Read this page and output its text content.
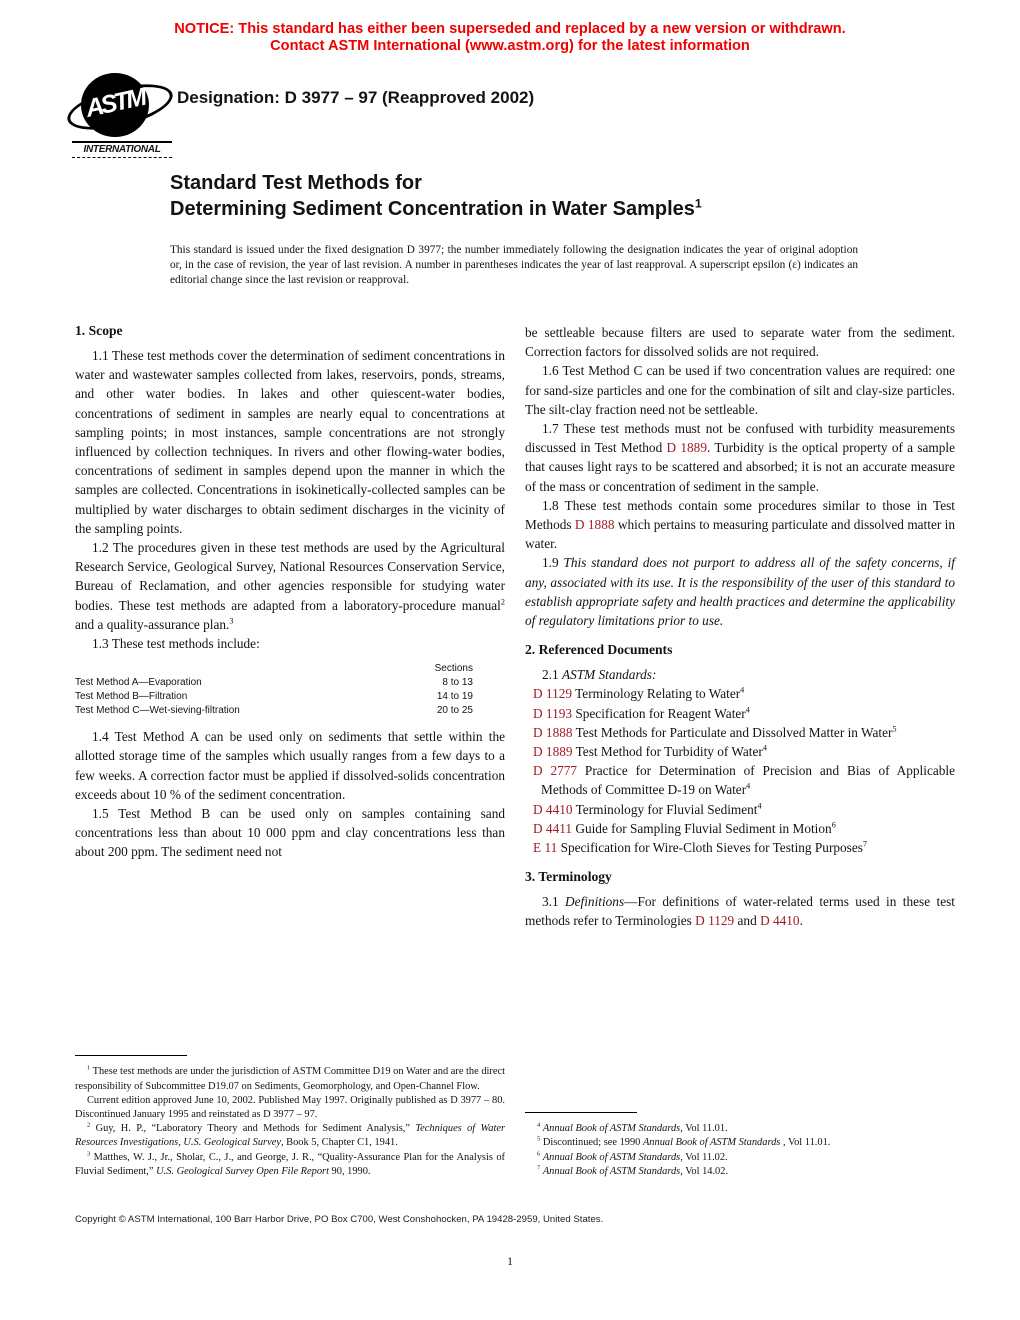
NOTICE: This standard has either been superseded and replaced by a new version or withdrawn.
Contact ASTM International (www.astm.org) for the latest information
ASTM
INTERNATIONAL
Designation: D 3977 – 97 (Reapproved 2002)
Standard Test Methods for
Determining Sediment Concentration in Water Samples$^1$
This standard is issued under the fixed designation D 3977; the number immediately following the designation indicates the year of original adoption or, in the case of revision, the year of last revision. A number in parentheses indicates the year of last reapproval. A superscript epsilon (ε) indicates an editorial change since the last revision or reapproval.
1. Scope

1.1 These test methods cover the determination of sediment concentrations in water and wastewater samples collected from lakes, reservoirs, ponds, streams, and other water bodies. In lakes and other quiescent-water bodies, concentrations of sediment in samples are nearly equal to concentrations at sampling points; in most instances, sample concentrations are not strongly influenced by collection techniques. In rivers and other flowing-water bodies, concentrations of sediment in samples depend upon the manner in which the samples are collected. Concentrations in isokinetically-collected samples can be multiplied by water discharges to obtain sediment discharges in the vicinity of the sampling points.

1.2 The procedures given in these test methods are used by the Agricultural Research Service, Geological Survey, National Resources Conservation Service, Bureau of Reclamation, and other agencies responsible for studying water bodies. These test methods are adapted from a laboratory-procedure manual$^2$ and a quality-assurance plan.$^3$

1.3 These test methods include:

Sections
Test Method A—Evaporation	8 to 13
Test Method B—Filtration	14 to 19
Test Method C—Wet-sieving-filtration	20 to 25

1.4 Test Method A can be used only on sediments that settle within the allotted storage time of the samples which usually ranges from a few days to a few weeks. A correction factor must be applied if dissolved-solids concentration exceeds about 10 % of the sediment concentration.

1.5 Test Method B can be used only on samples containing sand concentrations less than about 10 000 ppm and clay concentrations less than about 200 ppm. The sediment need not

$^1$ These test methods are under the jurisdiction of ASTM Committee D19 on Water and are the direct responsibility of Subcommittee D19.07 on Sediments, Geomorphology, and Open-Channel Flow.

Current edition approved June 10, 2002. Published May 1997. Originally published as D 3977 – 80. Discontinued January 1995 and reinstated as D 3977 – 97.

$^2$ Guy, H. P., “Laboratory Theory and Methods for Sediment Analysis,” Techniques of Water Resources Investigations, U.S. Geological Survey, Book 5, Chapter C1, 1941.

$^3$ Matthes, W. J., Jr., Sholar, C., J., and George, J. R., “Quality-Assurance Plan for the Analysis of Fluvial Sediment,” U.S. Geological Survey Open File Report 90, 1990.

be settleable because filters are used to separate water from the sediment. Correction factors for dissolved solids are not required.

1.6 Test Method C can be used if two concentration values are required: one for sand-size particles and one for the combination of silt and clay-size particles. The silt-clay fraction need not be settleable.

1.7 These test methods must not be confused with turbidity measurements discussed in Test Method D 1889. Turbidity is the optical property of a sample that causes light rays to be scattered and absorbed; it is not an accurate measure of the mass or concentration of sediment in the sample.

1.8 These test methods contain some procedures similar to those in Test Methods D 1888 which pertains to measuring particulate and dissolved matter in water.

1.9 This standard does not purport to address all of the safety concerns, if any, associated with its use. It is the responsibility of the user of this standard to establish appropriate safety and health practices and determine the applicability of regulatory limitations prior to use.

2. Referenced Documents

2.1 ASTM Standards:

D 1129 Terminology Relating to Water$^4$

D 1193 Specification for Reagent Water$^4$

D 1888 Test Methods for Particulate and Dissolved Matter in Water$^5$

D 1889 Test Method for Turbidity of Water$^4$

D 2777 Practice for Determination of Precision and Bias of Applicable Methods of Committee D-19 on Water$^4$

D 4410 Terminology for Fluvial Sediment$^4$

D 4411 Guide for Sampling Fluvial Sediment in Motion$^6$

E 11 Specification for Wire-Cloth Sieves for Testing Purposes$^7$

3. Terminology

3.1 Definitions—For definitions of water-related terms used in these test methods refer to Terminologies D 1129 and D 4410.

$^4$ Annual Book of ASTM Standards, Vol 11.01.

$^5$ Discontinued; see 1990 Annual Book of ASTM Standards , Vol 11.01.

$^6$ Annual Book of ASTM Standards, Vol 11.02.

$^7$ Annual Book of ASTM Standards, Vol 14.02.

Copyright © ASTM International, 100 Barr Harbor Drive, PO Box C700, West Conshohocken, PA 19428-2959, United States.
1
